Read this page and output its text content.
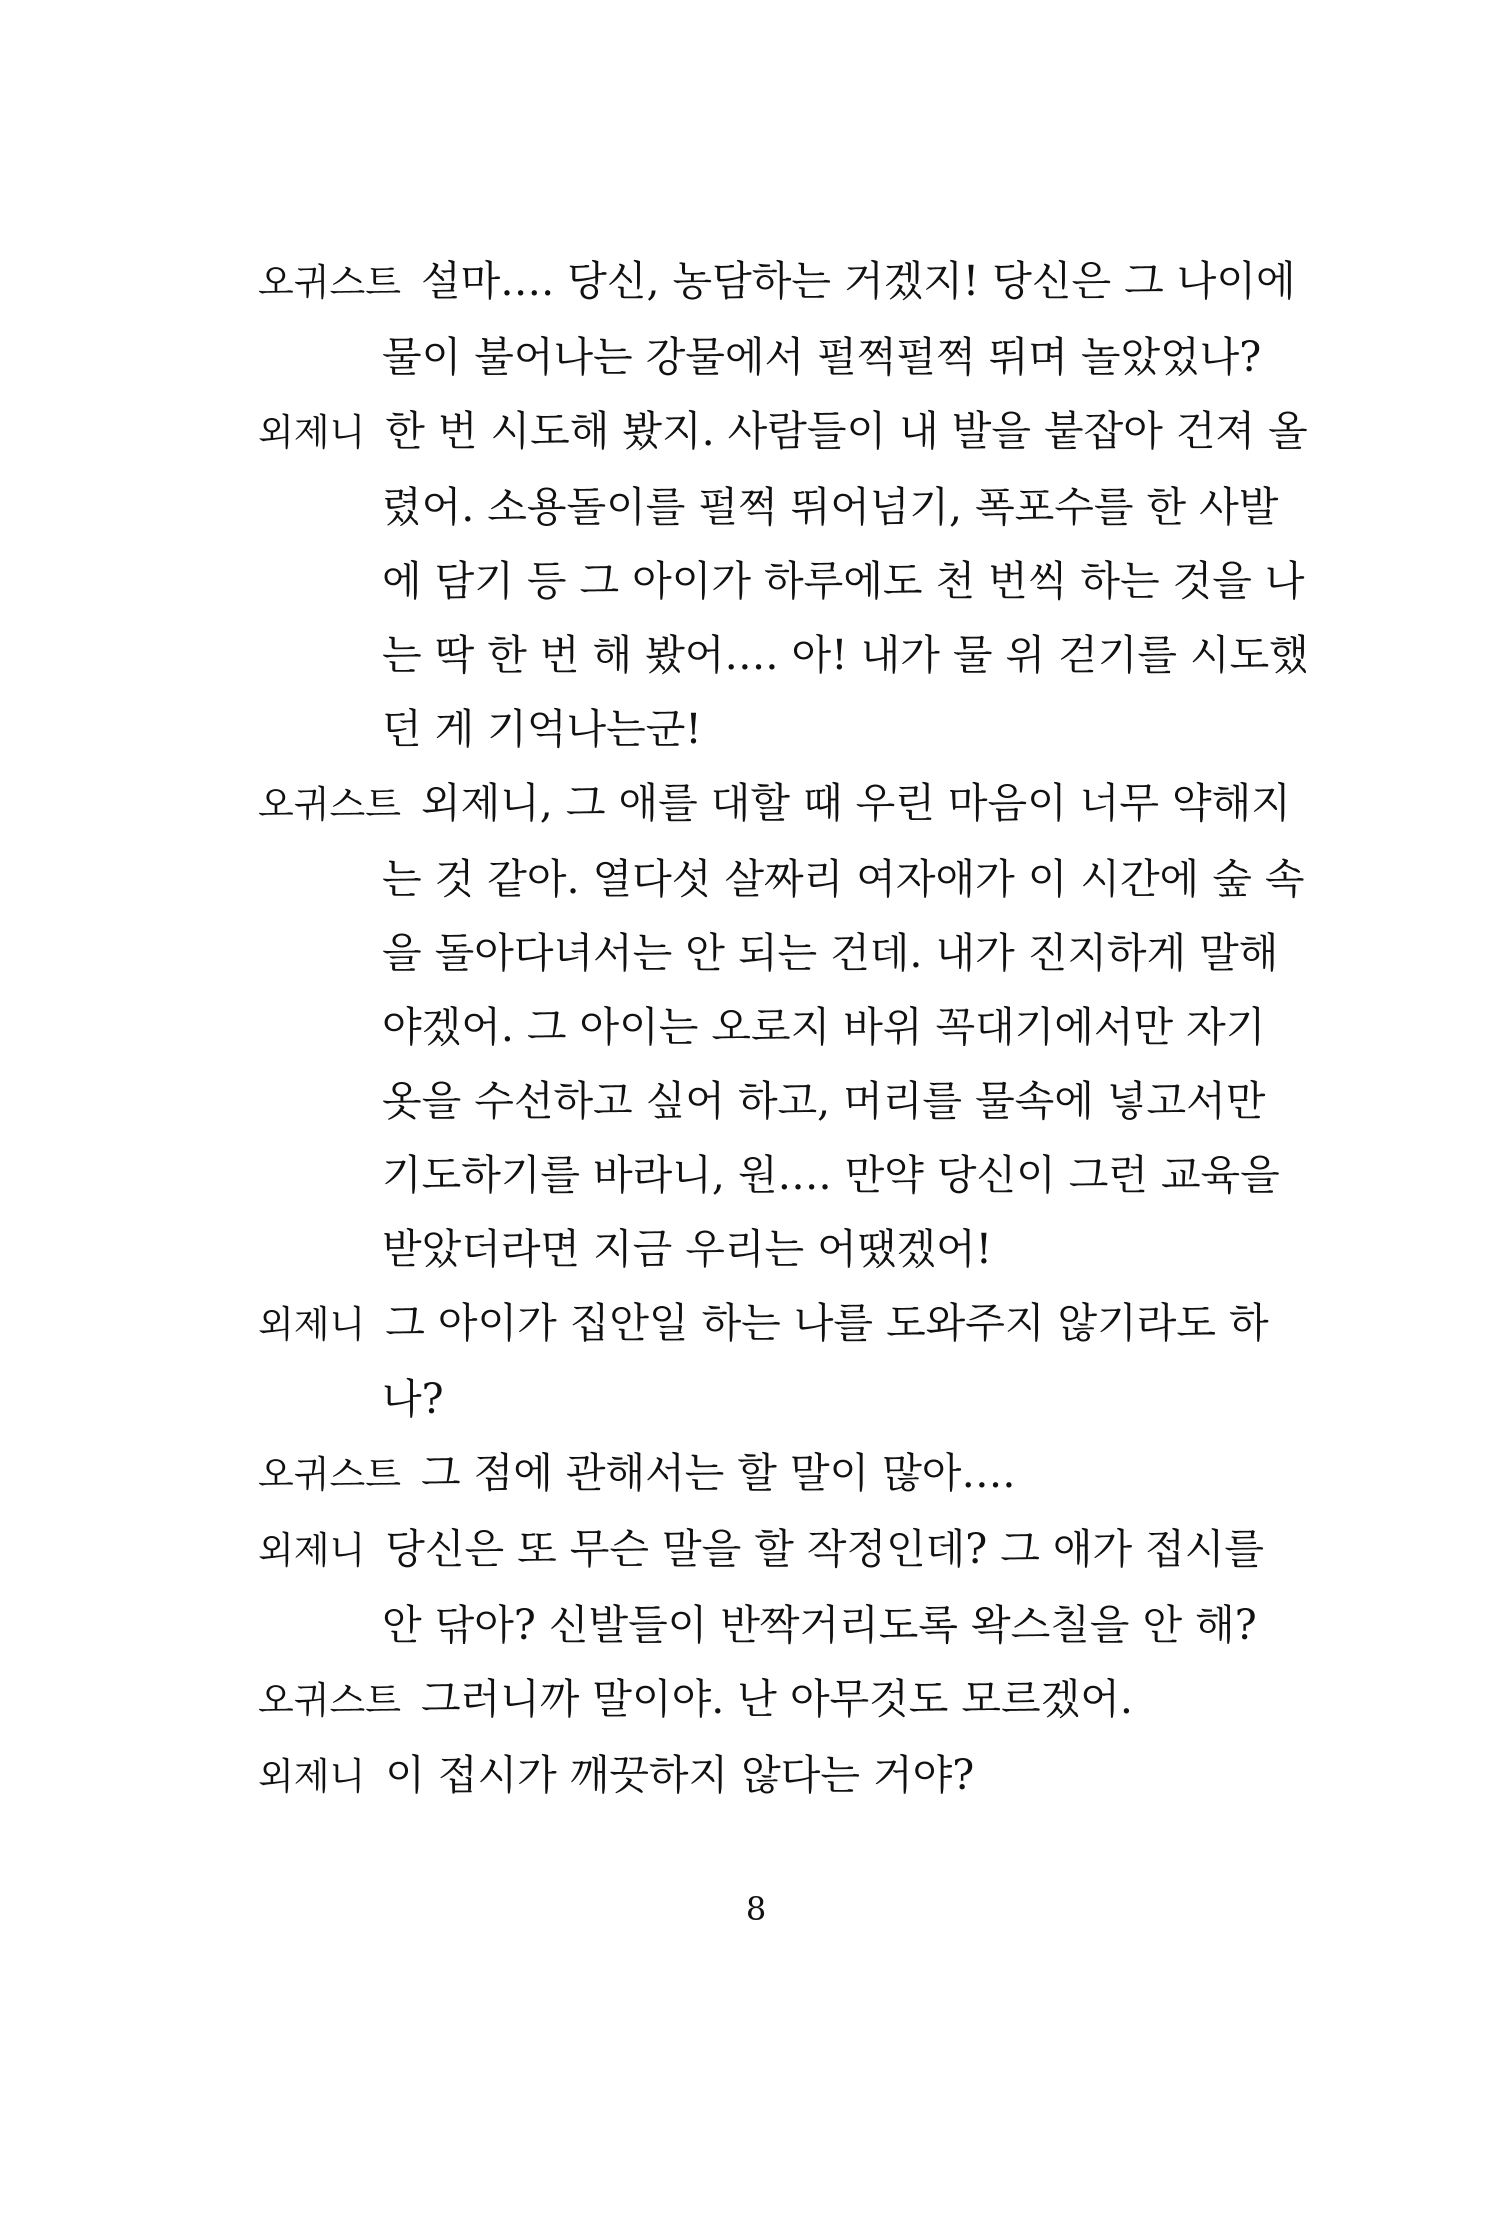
오귀스트 설마…. 당신, 농담하는 거겠지! 당신은 그 나이에
물이 불어나는 강물에서 펄쩍펄쩍 뛰며 놀았었나?
외제니 한 번 시도해 봤지. 사람들이 내 발을 붙잡아 건져 올
렸어. 소용돌이를 펄쩍 뛰어넘기, 폭포수를 한 사발
에 담기 등 그 아이가 하루에도 천 번씩 하는 것을 나
는 딱 한 번 해 봤어…. 아! 내가 물 위 걷기를 시도했
던 게 기억나는군!
오귀스트 외제니, 그 애를 대할 때 우린 마음이 너무 약해지
는 것 같아. 열다섯 살짜리 여자애가 이 시간에 숲 속
을 돌아다녀서는 안 되는 건데. 내가 진지하게 말해
야겠어. 그 아이는 오로지 바위 꼭대기에서만 자기
옷을 수선하고 싶어 하고, 머리를 물속에 넣고서만
기도하기를 바라니, 원…. 만약 당신이 그런 교육을
받았더라면 지금 우리는 어땠겠어!
외제니 그 아이가 집안일 하는 나를 도와주지 않기라도 하
나?
오귀스트 그 점에 관해서는 할 말이 많아….
외제니 당신은 또 무슨 말을 할 작정인데? 그 애가 접시를
안 닦아? 신발들이 반짝거리도록 왁스칠을 안 해?
오귀스트 그러니까 말이야. 난 아무것도 모르겠어.
외제니 이 접시가 깨끗하지 않다는 거야?
8
